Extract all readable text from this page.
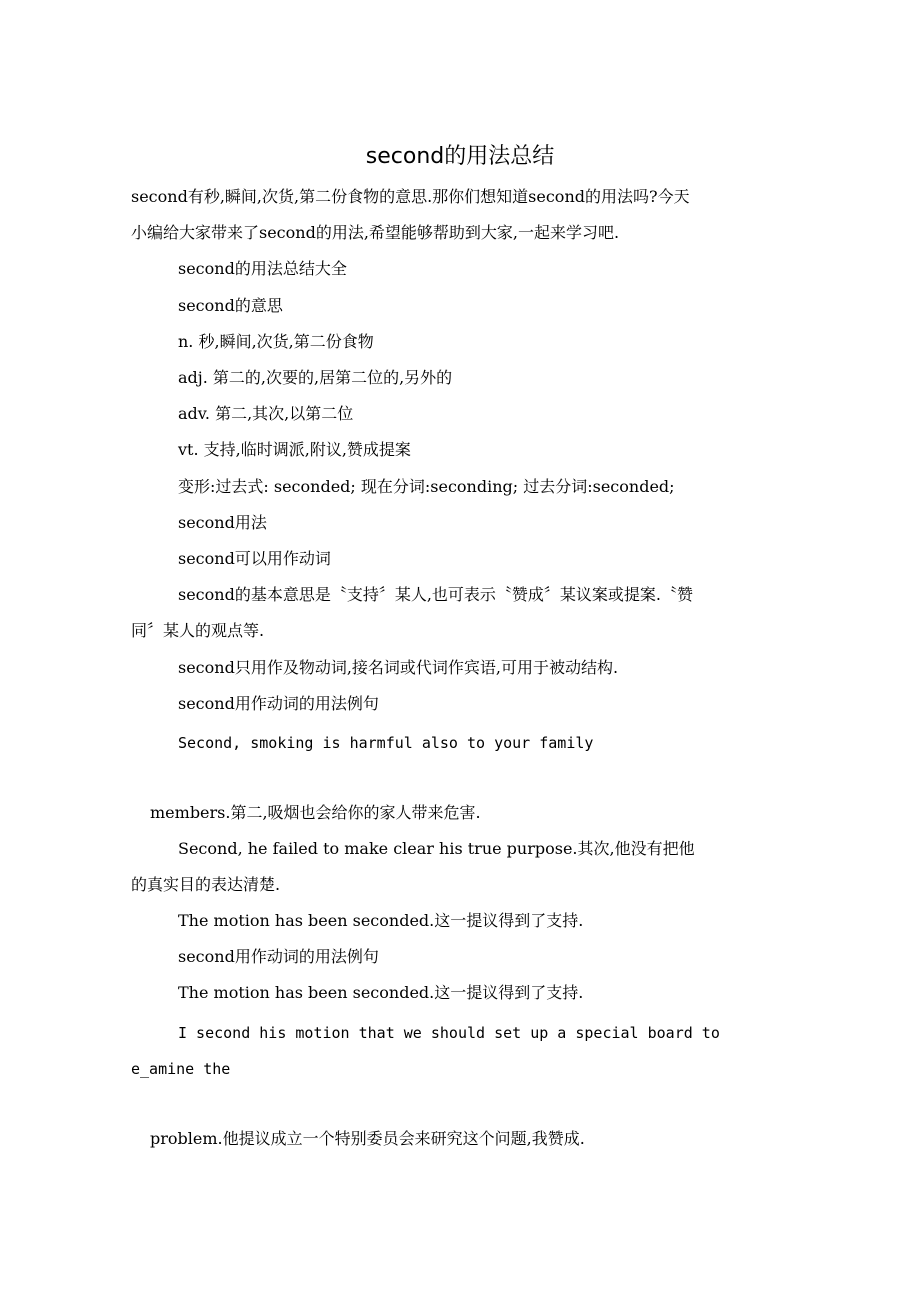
second的用法总结
second有秒,瞬间,次货,第二份食物的意思.那你们想知道second的用法吗?今天
小编给大家带来了second的用法,希望能够帮助到大家,一起来学习吧.
second的用法总结大全
second的意思
n. 秒,瞬间,次货,第二份食物
adj. 第二的,次要的,居第二位的,另外的
adv. 第二,其次,以第二位
vt. 支持,临时调派,附议,赞成提案
变形:过去式: seconded; 现在分词:seconding; 过去分词:seconded;
second用法
second可以用作动词
second的基本意思是〝支持〞某人,也可表示〝赞成〞某议案或提案.〝赞
同〞某人的观点等.
second只用作及物动词,接名词或代词作宾语,可用于被动结构.
second用作动词的用法例句
Second, smoking is harmful also to your family
members.第二,吸烟也会给你的家人带来危害.
Second, he failed to make clear his true purpose.其次,他没有把他
的真实目的表达清楚.
The motion has been seconded.这一提议得到了支持.
second用作动词的用法例句
The motion has been seconded.这一提议得到了支持.
I second his motion that we should set up a special board to
e_amine the
problem.他提议成立一个特别委员会来研究这个问题,我赞成.
